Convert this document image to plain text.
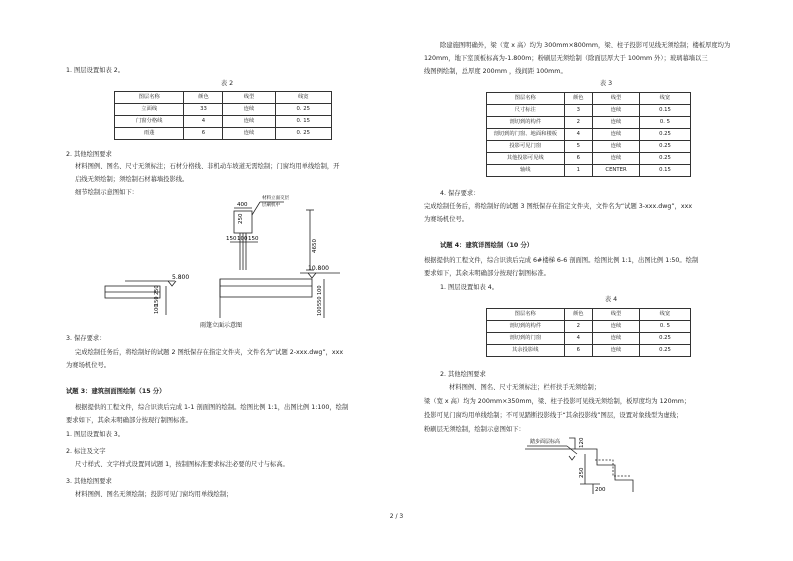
1. 图层设置如表 2。
表 2
图层名称	颜色	线型	线宽
立面线	33	连续	0. 25
门窗分格线	4	连续	0. 15
雨蓬	6	连续	0. 25
2. 其他绘图要求
材料图例、图名、尺寸无须标注；石材分格线、非机动车坡道无需绘制；门窗均用单线绘制，开
启线无须绘制；须绘制石材幕墙投影线。
细节绘制示意图如下：
材料立面交层
层刷机中
400
250
150 100 150	4650
10.800
5.800
250
150
100
100
550
100
雨篷立面示意图
3. 保存要求：
完成绘制任务后，将绘制好的试题 2 图纸保存在指定文件夹，文件名为“试题 2-xxx.dwg”，xxx
为赛场机位号。
试题 3：建筑剖面图绘制（15 分）
根据提供的工程文件，综合识读后完成 1-1 剖面图的绘制。绘图比例 1:1，出图比例 1:100，绘制
要求如下，其余未明确部分按现行制图标准。
1. 图层设置如表 3。
2. 标注及文字
尺寸样式、文字样式设置同试题 1，按制图标准要求标注必要的尺寸与标高。
3. 其他绘图要求
材料图例、图名无须绘制；投影可见门窗均用单线绘制；
除建施图明确外，梁（宽 x 高）均为 300mm×800mm，梁、柱子投影可见线无须绘制；楼板厚度均为
120mm，地下室顶板标高为-1.800m；粉刷层无须绘制（除面层厚大于 100mm 外）；玻璃幕墙以三
线图例绘制，总厚度 200mm ，线间距 100mm。
表 3
图层名称	颜色	线型	线宽
尺寸标注	3	连续	0.15
剖切到的构件	2	连续	0. 5
剖切到的门窗、地面和楼板	4	连续	0.25
投影可见门窗	5	连续	0.25
其他投影可见线	6	连续	0.25
轴线	1	CENTER	0.15
4. 保存要求：
完成绘制任务后，将绘制好的试题 3 图纸保存在指定文件夹，文件名为“试题 3-xxx.dwg”，xxx
为赛场机位号。
试题 4：建筑详图绘制（10 分）
根据提供的工程文件，综合识读后完成 6#楼梯 6-6 剖面图。绘图比例 1:1，出图比例 1:50。绘制
要求如下，其余未明确部分按现行制图标准。
1. 图层设置如表 4。
表 4
图层名称	颜色	线型	线宽
剖切到的构件	2	连续	0. 5
剖切到的门窗	4	连续	0.25
其余投影线	6	连续	0.25
2. 其他绘图要求
材料图例、图名、尺寸无须标注；栏杆扶手无须绘制；
梁（宽 x 高）均为 200mm×350mm，梁、柱子投影可见线无须绘制，板厚度均为 120mm；
投影可见门窗均用单线绘制；不可见踏断投影线于“其余投影线”图层，设置对象线型为虚线；
粉刷层无须绘制，绘制示意图如下：
踏步面层标高	120
250
200
2 / 3
